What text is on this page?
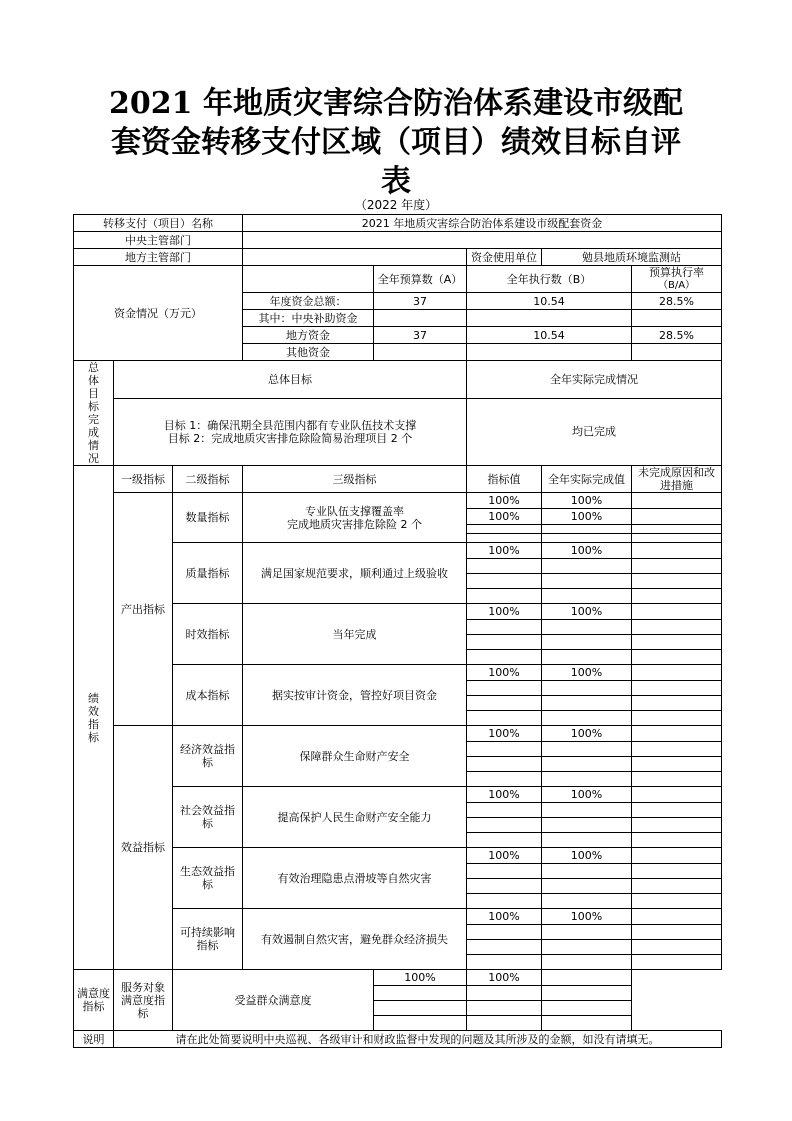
2021 年地质灾害综合防治体系建设市级配
套资金转移支付区域（项目）绩效目标自评
表
（2022 年度）
转移支付（项目）名称			2021 年地质灾害综合防治体系建设市级配套资金				
中央主管部门							
地方主管部门					资金使用单位	勉县地质环境监测站	
资金情况（万元）				全年预算数（A）	全年执行数（B）		预算执行率
（B/A）

			年度资金总额：	37	10.54		28.5%
			其中：中央补助资金				
			地方资金	37	10.54		28.5%
			其他资金				

总体目标完成情况	总体目标				全年实际完成情况		

	目标 1：确保汛期全县范围内都有专业队伍技术支撑
目标 2：完成地质灾害排危除险简易治理项目 2 个				均已完成		

绩效指标	一级指标	二级指标	三级指标		指标值	全年实际完成值	未完成原因和改进措施
	产出指标	数量指标	专业队伍支撑覆盖率
完成地质灾害排危除险 2 个		100%	100%	
					100%	100%	

		质量指标	满足国家规范要求，顺利通过上级验收		100%	100%	

		时效指标	当年完成		100%	100%	

		成本指标	据实按审计资金，管控好项目资金		100%	100%	

	效益指标	经济效益指标	保障群众生命财产安全		100%	100%	

		社会效益指标	提高保护人民生命财产安全能力		100%	100%	

		生态效益指标	有效治理隐患点滑坡等自然灾害		100%	100%	

		可持续影响指标	有效遏制自然灾害，避免群众经济损失		100%	100%	

满意度指标	服务对象满意度指标	受益群众满意度		100%	100%		

说明	请在此处简要说明中央巡视、各级审计和财政监督中发现的问题及其所涉及的金额，如没有请填无。						
